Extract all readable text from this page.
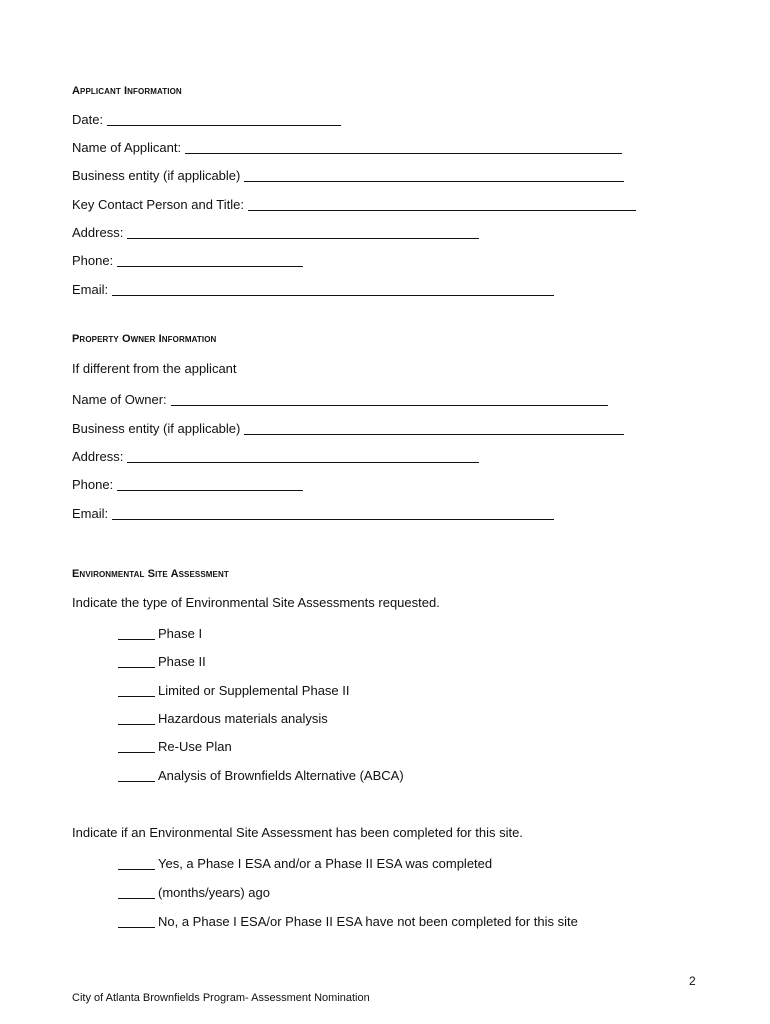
Applicant Information
Date:
Name of Applicant:
Business entity (if applicable)
Key Contact Person and Title:
Address:
Phone:
Email:
Property Owner Information
If different from the applicant
Name of Owner:
Business entity (if applicable)
Address:
Phone:
Email:
Environmental Site Assessment
Indicate the type of Environmental Site Assessments requested.
Phase I
Phase II
Limited or Supplemental Phase II
Hazardous materials analysis
Re-Use Plan
Analysis of Brownfields Alternative (ABCA)
Indicate if an Environmental Site Assessment has been completed for this site.
Yes, a Phase I ESA and/or a Phase II ESA was completed
(months/years) ago
No, a Phase I ESA/or Phase II ESA have not been completed for this site
2
City of Atlanta Brownfields Program- Assessment Nomination
